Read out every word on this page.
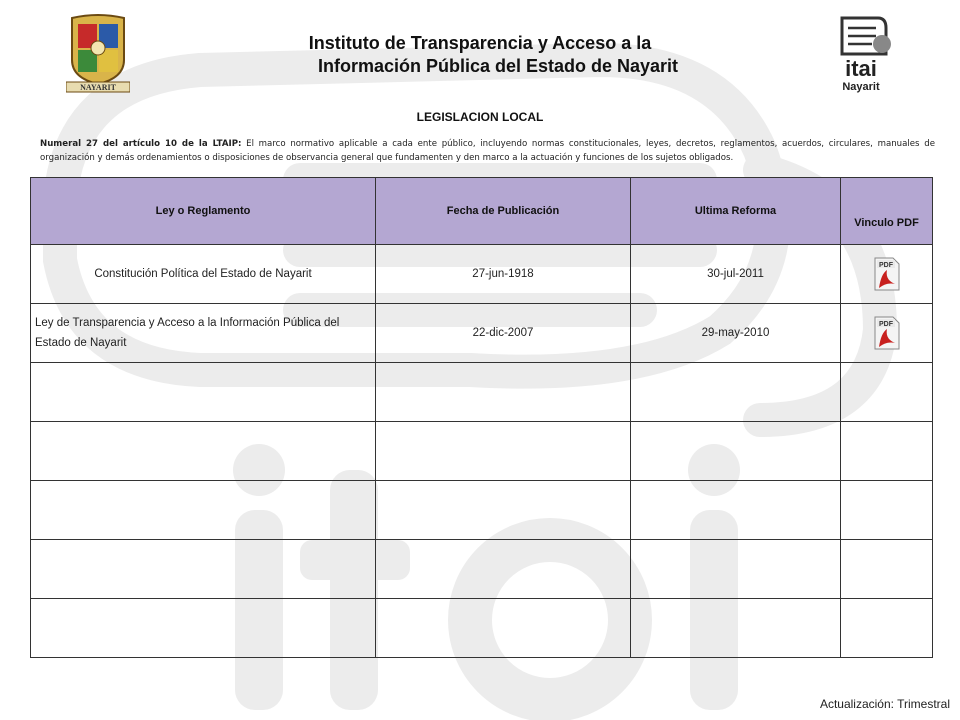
NAYARIT
itai
Nayarit
Instituto de Transparencia y Acceso a la
Información Pública del Estado de Nayarit
LEGISLACION LOCAL
Numeral 27 del artículo 10 de la LTAIP: El marco normativo aplicable a cada ente público, incluyendo normas constitucionales, leyes, decretos, reglamentos, acuerdos, circulares, manuales de organización y demás ordenamientos o disposiciones de observancia general que fundamenten y den marco a la actuación y funciones de los sujetos obligados.
Ley o Reglamento	Fecha de Publicación	Ultima Reforma	Vinculo PDF
Constitución Política del Estado de Nayarit	27-jun-1918	30-jul-2011	PDF

Ley de Transparencia y Acceso a la Información Pública del Estado de Nayarit	22-dic-2007	29-may-2010	PDF

Actualización: Trimestral
